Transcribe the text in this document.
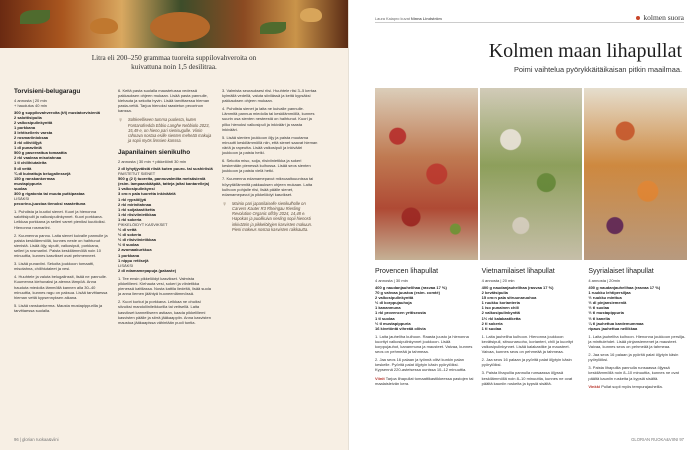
Litra eli 200–250 grammaa tuoreita suppilovahveroita on kuivattuna noin 1,5 desilitraa.
Torvisieni-belugaragu
4 annosta | 20 min
+ haudutus 40 min
300 g suppilovahveroita (t/t) mustatorvisieniä
2 salottisipulia
2 valkosipulinkynttä
1 porkkana
3 lehtiselleriv varsta
2 rosmariinioksaa
3 rkl oliiviöljyä
1 dl punaviiniä
500 g paseerattua tomaattia
2 rkl vaaleaa misotahnaa
1 tl chilihiutaleita
5 dl vettä
¾ dl kuivattuja belugalinssejä
150 g ranskankermaa
mustapippuria
suolaa
300 g rigatonia tai muuta putkipastaa
LISÄKSI
pecorino-juustoa tienoksi raastettuna
1. Puhdista ja kuutioi sienet. Kuori ja hienonna salottisipulit ja valkosipulinkynnet. Kuori porkkana. Leikkaa porkkana ja selleri varret pieniksi kuutioiksi. Hienonna rosmariini.
2. Kuumenna pannu. Laita sienet kuivalle pannulle ja paista keskilämmöllä, kunnes neste on haihtunut sienistä. Lisää öljy, sipulit, valkosipuli, porkkana, selleri ja rosmariini. Paista keskilämmöllä noin 10 minuuttia, kunnes kasvikset ovat pehmenneet.
3. Lisää punaviini. Sekoita joukkoon tomaatti, misotahna, chilihiutaleet ja vesi.
4. Huuhtele ja valuta belugalinssit, lisää ne pannulle. Kuumenna kiehuvaksi ja alenna lämpöä. Anna hauduta miedolla lämmöllä kannen alla 30–40 minuuttia, kunnes ragu on paksua. Lisää tarvittaessa hieman vettä kypsennyksen aikana.
5. Lisää ranskankerma. Mausta mustapippurilla ja tarvittaessa suolalla.
6. Keitä pasta suolalla maustetussa vedessä pakkauksen ohjeen mukaan. Lisää pasta pannulle, kiehauta ja sekoita hyvin. Lisää tarvittaessa hieman pasta-vettä. Tarjoa hienoksi raastetun pecorinon kanssa.
♀ Sohkeelliseen tumma puolesta, kuten Fontanafredda Ebbio Langhe Nebbiolo 2023, 15,49 e, on hieno pari sienisugulle. Viinin rahoava nostaa esille sienten meheää makuja ja sopii myös linssien kanssa.
Japanilainen sienikulho
2 annosta | 30 min + pikkelöinti 30 min
2 dl lyhytjyväistä riisiä kuten puuro- tai sushiriisiä
PAISTETUT SIENET
500 g (2 l) tuoreita, pannuvalmiita metsäsieniä (esim. lampaankääpää, tatteja ja/tai kantarelleja)
1 valkosipulinkynsi
3 cm:n pala tuoretta inkivääriä
1 rkl rypsiöljyä
2 rkl mirinitahnaa
1 rkl soijakastiketta
1 rkl riisiviinietikkaa
1 rkl sokeria
PIKKELÖIDYT KASVIKSET
½ dl vettä
½ dl sokeria
½ dl riisiviinietikkaa
½ tl suolaa
2 avomaakurkkua
1 porkkana
1 nippu retiisejä
LISÄKSI
2 dl edamamepapuja (pakaste)
1. Tee ensin pikkelöidyt kasvikset. Valmista pikkeliliemi. Kiehauta vesi, sokeri ja viinietikka pienessä kattilassa. Nosta kattila liedeltä, lisää suola ja anna liemen jäähtyä huoneenlämmössä.
2. Kuori kurkut ja porkkana. Leikkaa ne ohuiksi siivuiksi mandoliinileikkurilla tai veitsellä. Laita kasvikset kannelliseen astiaan, kaada pikkeliliemi kasvisten päälle ja siirrä jääkaappiin. Anna kasvisten maustua jääkaapissa vähintään puoli tuntia.
3. Valmista seurauksesi riisi. Huuhtele riisi 3–5 kertaa kylmällä vedellä, valuta siivilässä ja keitä kypsäksi pakkauksen ohjeen mukaan.
4. Puhdista sienet ja laita ne kuivalle pannulle. Lämmitä pannua miedolla tai keskilämmöllä, kunnes suurin osa sienten nesteestä on haihtunut. Kuori ja pilko hienoksi valkosipuli ja inkivääri ja raasta inkivääri.
5. Lisää sienten joukkoon öljy ja paista muutama minuutti keskilämmöllä niin, että sienet saavat hieman väriä ja rapeutta. Lisää valkosipuli ja inkivääri joukkoon ja paista hetki.
6. Sekoita miso, soija, riisiviinietikka ja sokeri keskenään pienessä kulhossa. Lisää seos sienten joukkoon ja paista vielä hetki.
7. Kuumenna edamamepavut mikroaaltouunissa tai höyrytä/lämmitä pakkauksen ohjeen mukaan. Laita kulhoon pohjalle riisi, lisää päälle sienet, edamamepavut ja pikkelöidyt kasvikset.
♀ Mainio pari japanilaiselle sienikulholle on Carvers Kauter R3 Rheingau Riesling Revolution Organic offdry 2024, 14,48 e. Hapokas ja puolikuiva riesling sopii hienosti inkiväärin ja pikkelöityjen kasvisten makuun. Pieni makeus nostaa kasvisten raikkautta.
96 | glorian ruokaa&viini
Laura Kaiapro kuvat Ninna Lindström	kolmen suora
Kolmen maan lihapullat
Poimi vaihtelua pyörykkäitäikaisan pitkin maailmaa.
Provencen lihapullat
4 annosta | 30 min
400 g naudanjauhelihaa (rasvaa 17 %)
70 g vahvaa juustoa (esim. comté)
2 valkosipulinkynttä
½ dl korppujauhoja
1 kananmuna
1 rkl provencen yrttiseosta
1 tl suolaa
½ tl mustapippuria
16 kivetöntä vihreää oliivia
1. Laita jauheliha kulhoon. Raasta juusto ja hienonna kuorityt valkosipulinkynnet joukkoon. Lisää korppujauhot, kananmuna ja mausteet. Vaivaa, kunnes seos on pehmeää ja tahmeaa.
2. Jaa seos 16 palaan ja työnnä oliivi kunkin palan keskelle. Pyöritä palat öljytyin käsin pyörylöiksi. Kypsennä 220-asteisessa uunissa 10–12 minuuttia.
Viinit Tarjoa lihapullat tomaattikastikkeessa pastojen tai maalaisleivän kera.
Vietnamilaiset lihapullat
4 annosta | 20 min
400 g naudanjauhelihaa (rasvaa 17 %)
2 kevätsipulia
15 cm:n pala sitruunaruohoa
1 ruukku korianteria
1 iso punainen chili
2 valkosipulinkynttä
1½ rkl kalakastiketta
2 tl sokeria
1 tl suolaa
1. Laita jauheliha kulhoon. Hienonna joukkoon kevätsipuli, sitruunaruoho, korianteri, chili ja kuorityt valkosipulinkynnet. Lisää kalakastike ja mausteet. Vaivaa, kunnes seos on pehmeää ja tahmeaa.
2. Jaa seos 16 palaan ja pyöritä palat öljytyin käsin pyörylöiksi.
3. Paista lihapullia pannulla runsaassa öljyssä keskilämmöllä noin 8–10 minuuttia, kunnes ne ovat päältä kauniin ruskeita ja kypsiä sisältä.
Syyrialaiset lihapullat
4 annosta | 20min
400 g naudanjauhelihaa (rasvaa 17 %)
1 ruukku lehtipersiljaa
½ ruukku minttua
½ dl pinjansiemeniä
½ tl suolaa
½ tl mustapippuria
½ tl kanelia
¼ tl jauhettua kardemummaa
ripaus jauhettua neilikkaa
1. Laita jauheliha kulhoon. Hienonna joukkoon persilja- ja minttulehdet. Lisää pinjansiemenet ja mausteet. Vaivaa, kunnes seos on pehmeää ja tahmeaa.
2. Jaa seos 16 palaan ja pyöritä palat öljytyin käsin pyörylöiksi.
3. Paista lihapullia pannulla runsaassa öljyssä keskilämmöllä noin 8–10 minuuttia, kunnes ne ovat päältä kauniin ruskeita ja kypsiä sisältä.
Vinkki Pullat sopii myös tempurajauheilla.
GLORIAN RUOKA&VIINI 97
